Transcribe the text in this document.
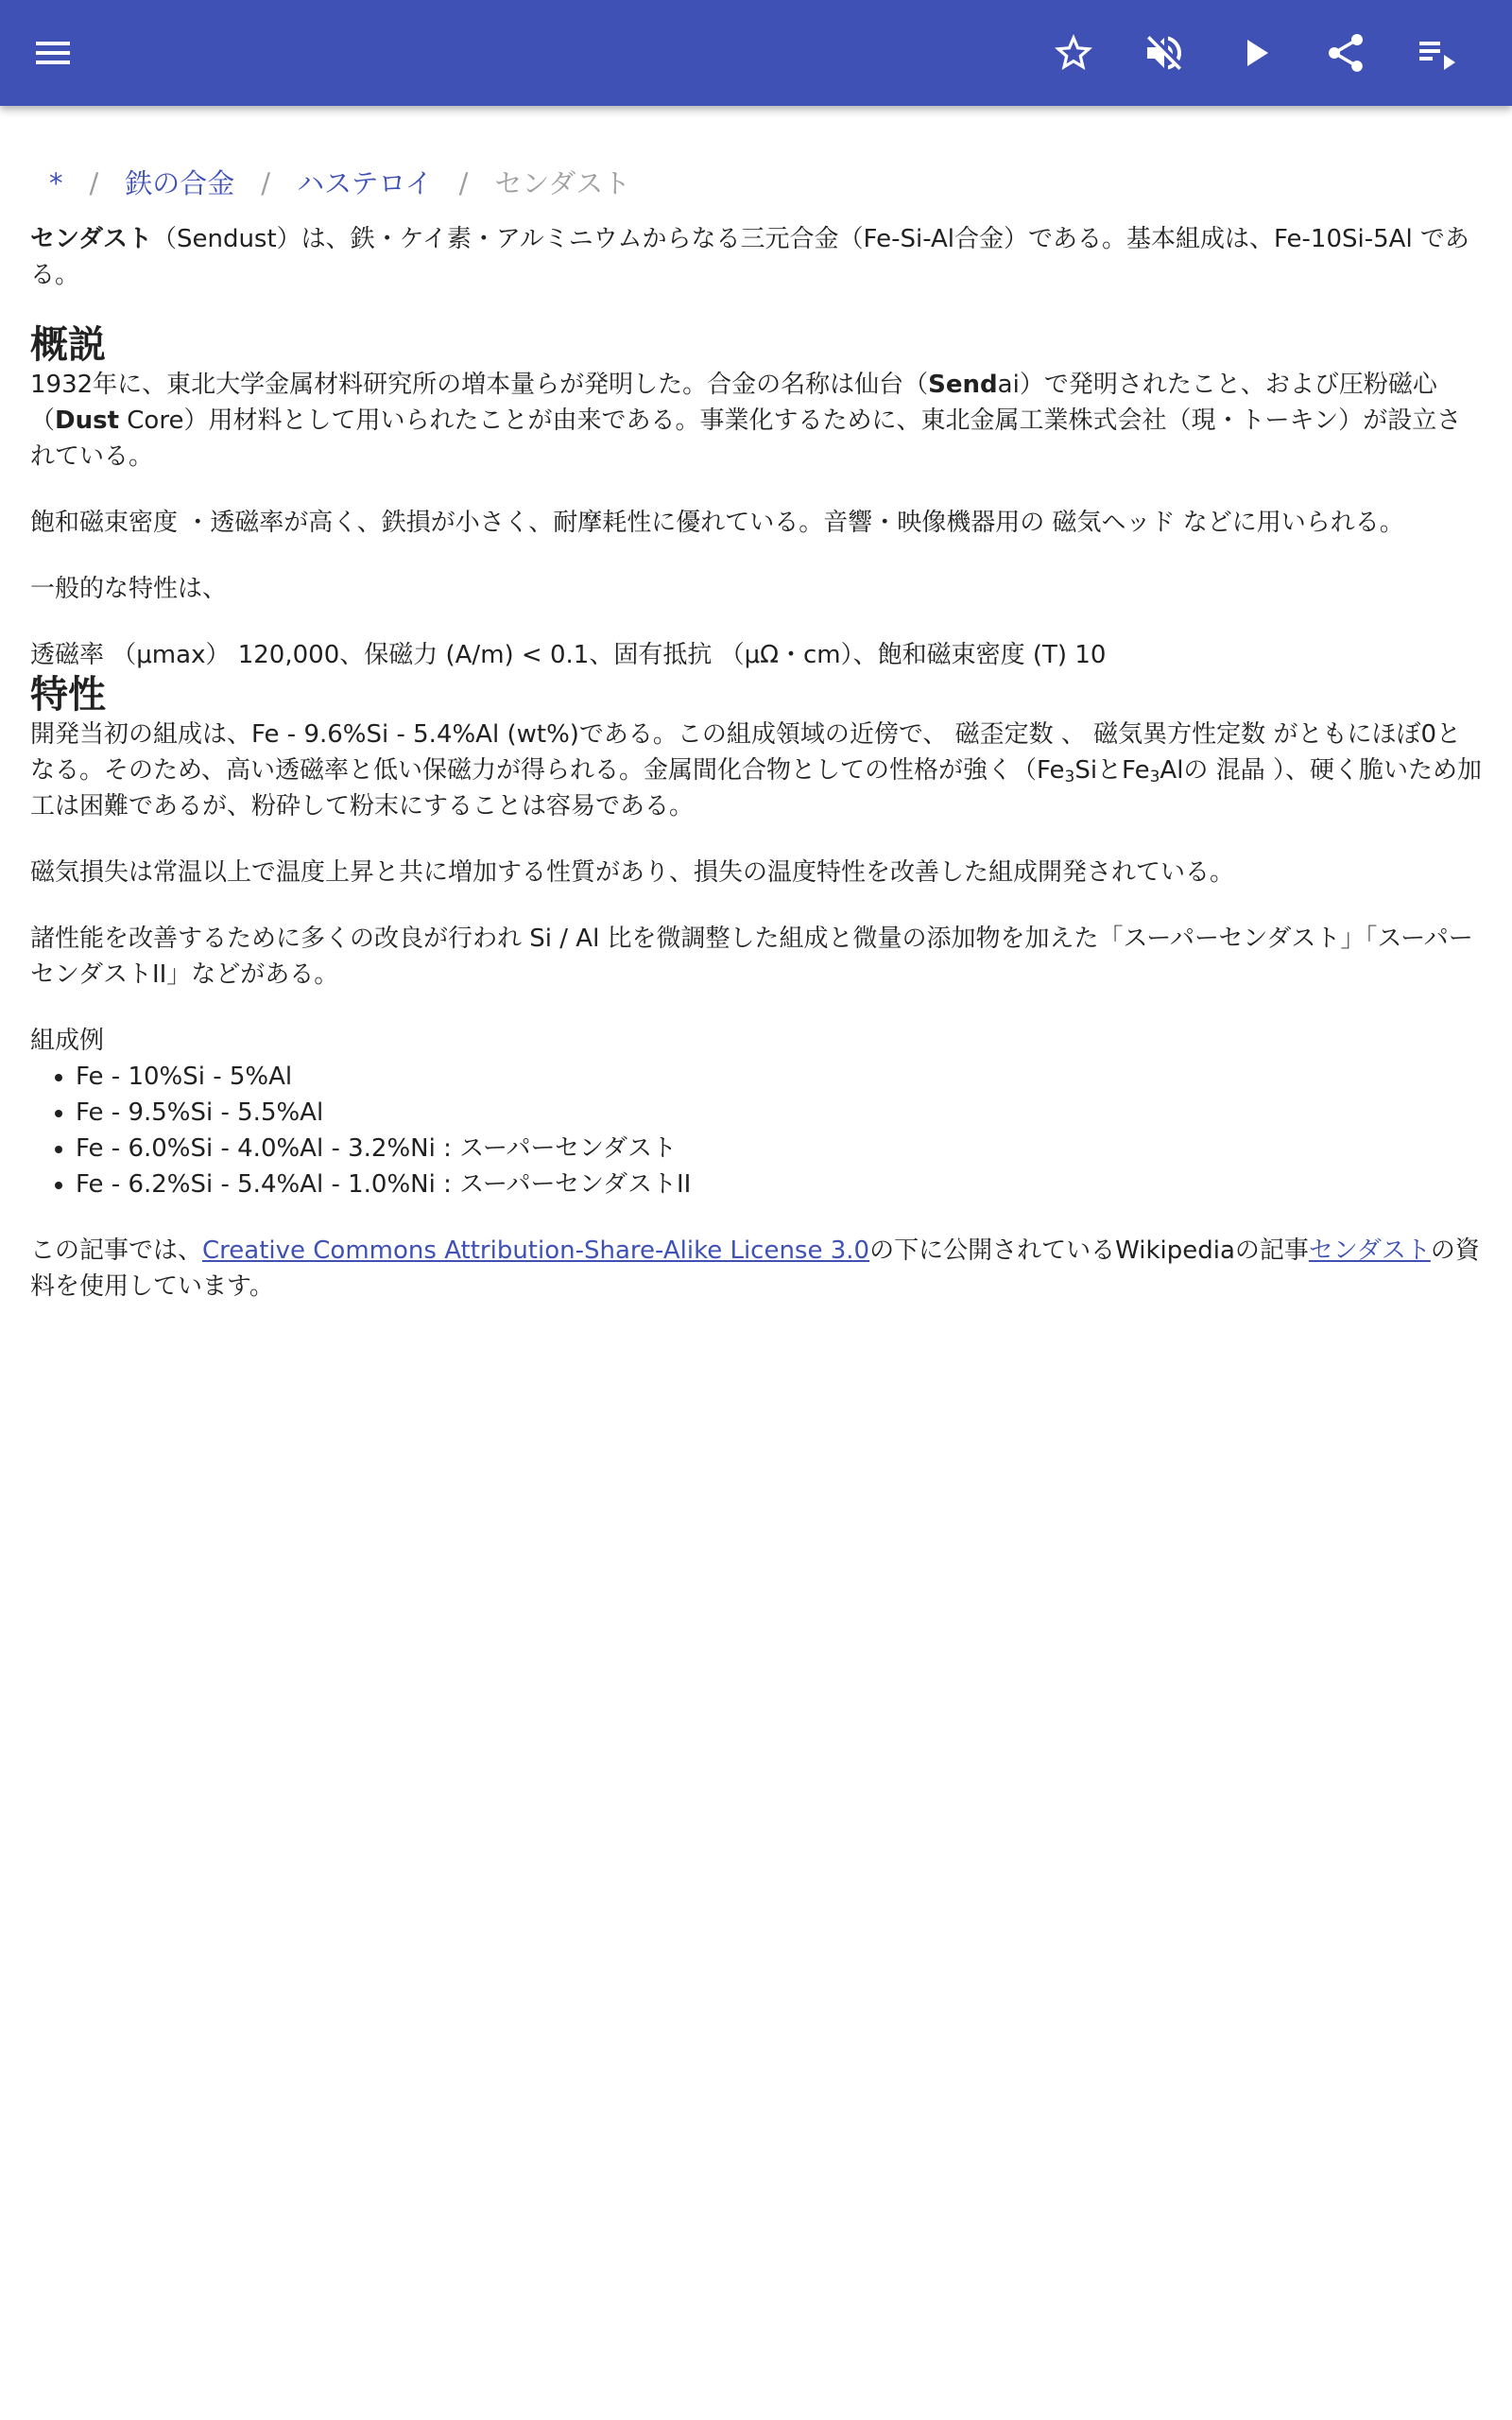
* / 鉄の合金 / ハステロイ / センダスト

センダスト（Sendust）は、鉄・ケイ素・アルミニウムからなる三元合金（Fe-Si-Al合金）である。基本組成は、Fe-10Si-5Al である。

概説

1932年に、東北大学金属材料研究所の増本量らが発明した。合金の名称は仙台（Sendai）で発明されたこと、および圧粉磁心（Dust Core）用材料として用いられたことが由来である。事業化するために、東北金属工業株式会社（現・トーキン）が設立されている。

飽和磁束密度 ・透磁率が高く、鉄損が小さく、耐摩耗性に優れている。音響・映像機器用の 磁気ヘッド などに用いられる。

一般的な特性は、

透磁率 （μmax） 120,000、保磁力 (A/m) < 0.1、固有抵抗 （μΩ・cm）、飽和磁束密度 (T) 10

特性

開発当初の組成は、Fe - 9.6%Si - 5.4%Al (wt%)である。この組成領域の近傍で、 磁歪定数 、 磁気異方性定数 がともにほぼ0となる。そのため、高い透磁率と低い保磁力が得られる。金属間化合物としての性格が強く（$Fe_3Si$と$Fe_3Al$の 混晶 ）、硬く脆いため加工は困難であるが、粉砕して粉末にすることは容易である。

磁気損失は常温以上で温度上昇と共に増加する性質があり、損失の温度特性を改善した組成開発されている。

諸性能を改善するために多くの改良が行われ Si / Al 比を微調整した組成と微量の添加物を加えた「スーパーセンダスト」「スーパーセンダストII」などがある。

組成例
• Fe - 10%Si - 5%Al
• Fe - 9.5%Si - 5.5%Al
• Fe - 6.0%Si - 4.0%Al - 3.2%Ni : スーパーセンダスト
• Fe - 6.2%Si - 5.4%Al - 1.0%Ni : スーパーセンダストII

この記事では、Creative Commons Attribution-Share-Alike License 3.0の下に公開されているWikipediaの記事センダストの資料を使用しています。
